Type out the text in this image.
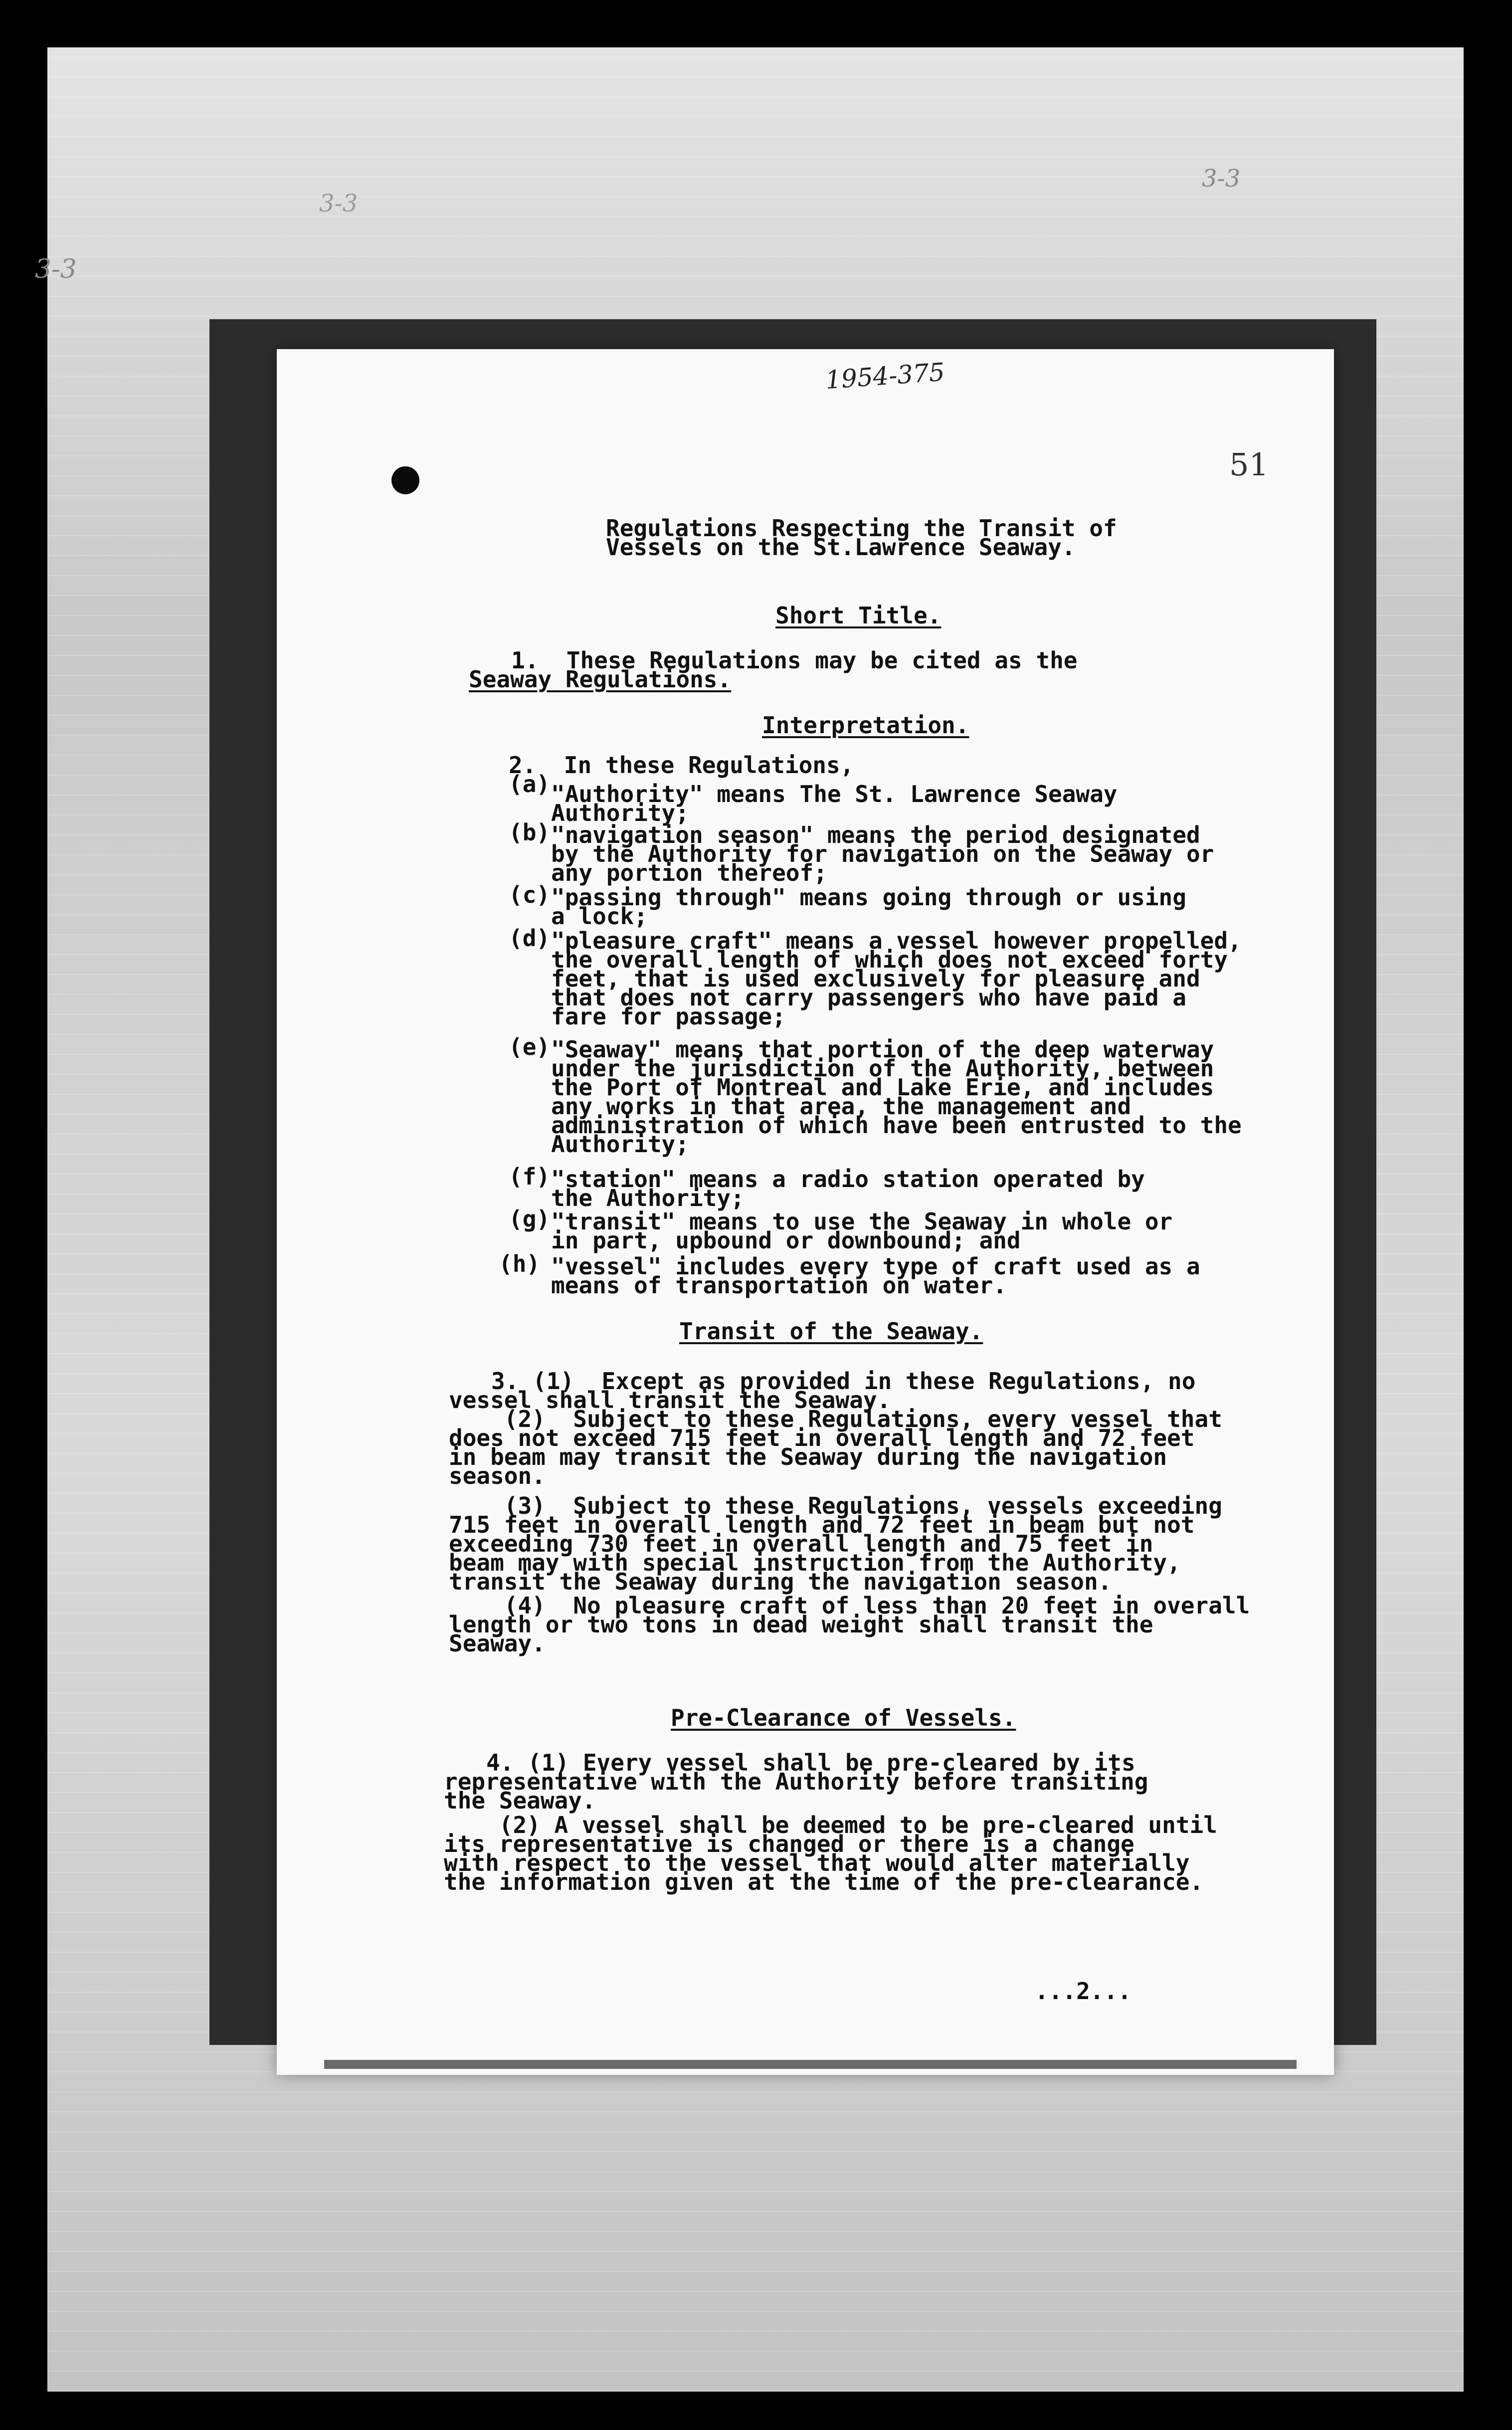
3-3
3-3
3-3
1954-375
51
Regulations Respecting the Transit of
Vessels on the St.Lawrence Seaway.
Short Title.
1.  These Regulations may be cited as the
Seaway Regulations.
Interpretation.
2.  In these Regulations,
(a) "Authority" means The St. Lawrence Seaway
Authority;
(b) "navigation season" means the period designated
by the Authority for navigation on the Seaway or
any portion thereof;
(c) "passing through" means going through or using
a lock;
(d) "pleasure craft" means a vessel however propelled,
the overall length of which does not exceed forty
feet, that is used exclusively for pleasure and
that does not carry passengers who have paid a
fare for passage;
(e) "Seaway" means that portion of the deep waterway
under the jurisdiction of the Authority, between
the Port of Montreal and Lake Erie, and includes
any works in that area, the management and
administration of which have been entrusted to the
Authority;
(f) "station" means a radio station operated by
the Authority;
(g) "transit" means to use the Seaway in whole or
in part, upbound or downbound; and
(h) "vessel" includes every type of craft used as a
means of transportation on water.
Transit of the Seaway.
3. (1)  Except as provided in these Regulations, no
vessel shall transit the Seaway.
(2)  Subject to these Regulations, every vessel that
does not exceed 715 feet in overall length and 72 feet
in beam may transit the Seaway during the navigation
season.
(3)  Subject to these Regulations, vessels exceeding
715 feet in overall length and 72 feet in beam but not
exceeding 730 feet in overall length and 75 feet in
beam may with special instruction from the Authority,
transit the Seaway during the navigation season.
(4)  No pleasure craft of less than 20 feet in overall
length or two tons in dead weight shall transit the
Seaway.
Pre-Clearance of Vessels.
4. (1) Every vessel shall be pre-cleared by its
representative with the Authority before transiting
the Seaway.
(2) A vessel shall be deemed to be pre-cleared until
its representative is changed or there is a change
with respect to the vessel that would alter materially
the information given at the time of the pre-clearance.
...2...
